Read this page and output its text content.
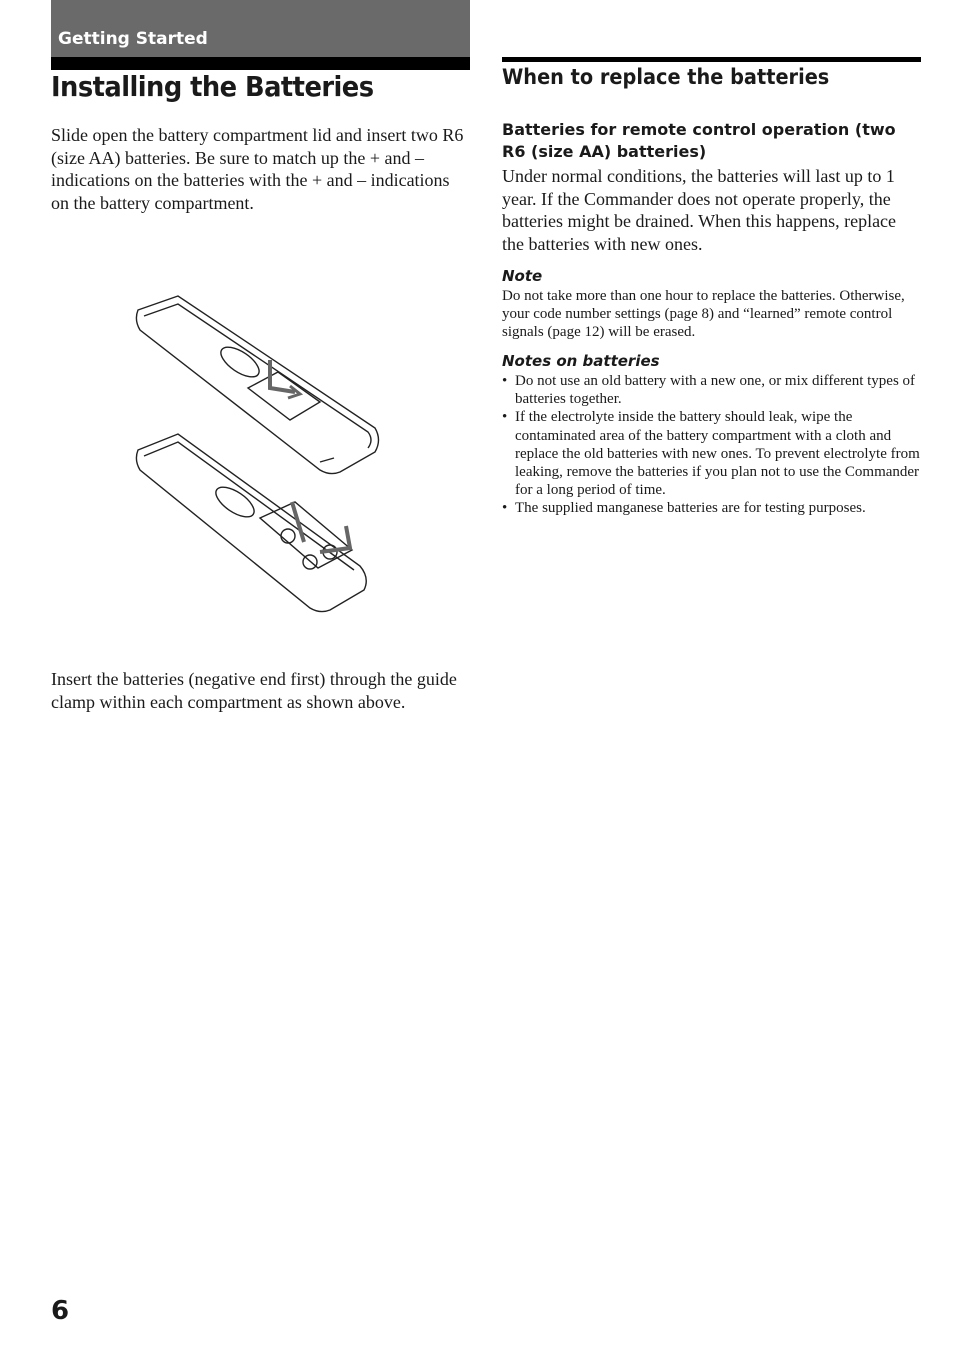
Getting Started
Installing the Batteries
Slide open the battery compartment lid and insert two R6 (size AA) batteries. Be sure to match up the + and – indications on the batteries with the + and – indications on the battery compartment.
Insert the batteries (negative end first) through the guide clamp within each compartment as shown above.
When to replace the batteries
Batteries for remote control operation (two R6 (size AA) batteries)
Under normal conditions, the batteries will last up to 1 year. If the Commander does not operate properly, the batteries might be drained. When this happens, replace the batteries with new ones.
Note
Do not take more than one hour to replace the batteries. Otherwise, your code number settings (page 8) and “learned” remote control signals (page 12) will be erased.
Notes on batteries
• Do not use an old battery with a new one, or mix different types of batteries together.
• If the electrolyte inside the battery should leak, wipe the contaminated area of the battery compartment with a cloth and replace the old batteries with new ones. To prevent electrolyte from leaking, remove the batteries if you plan not to use the Commander for a long period of time.
• The supplied manganese batteries are for testing purposes.
6
